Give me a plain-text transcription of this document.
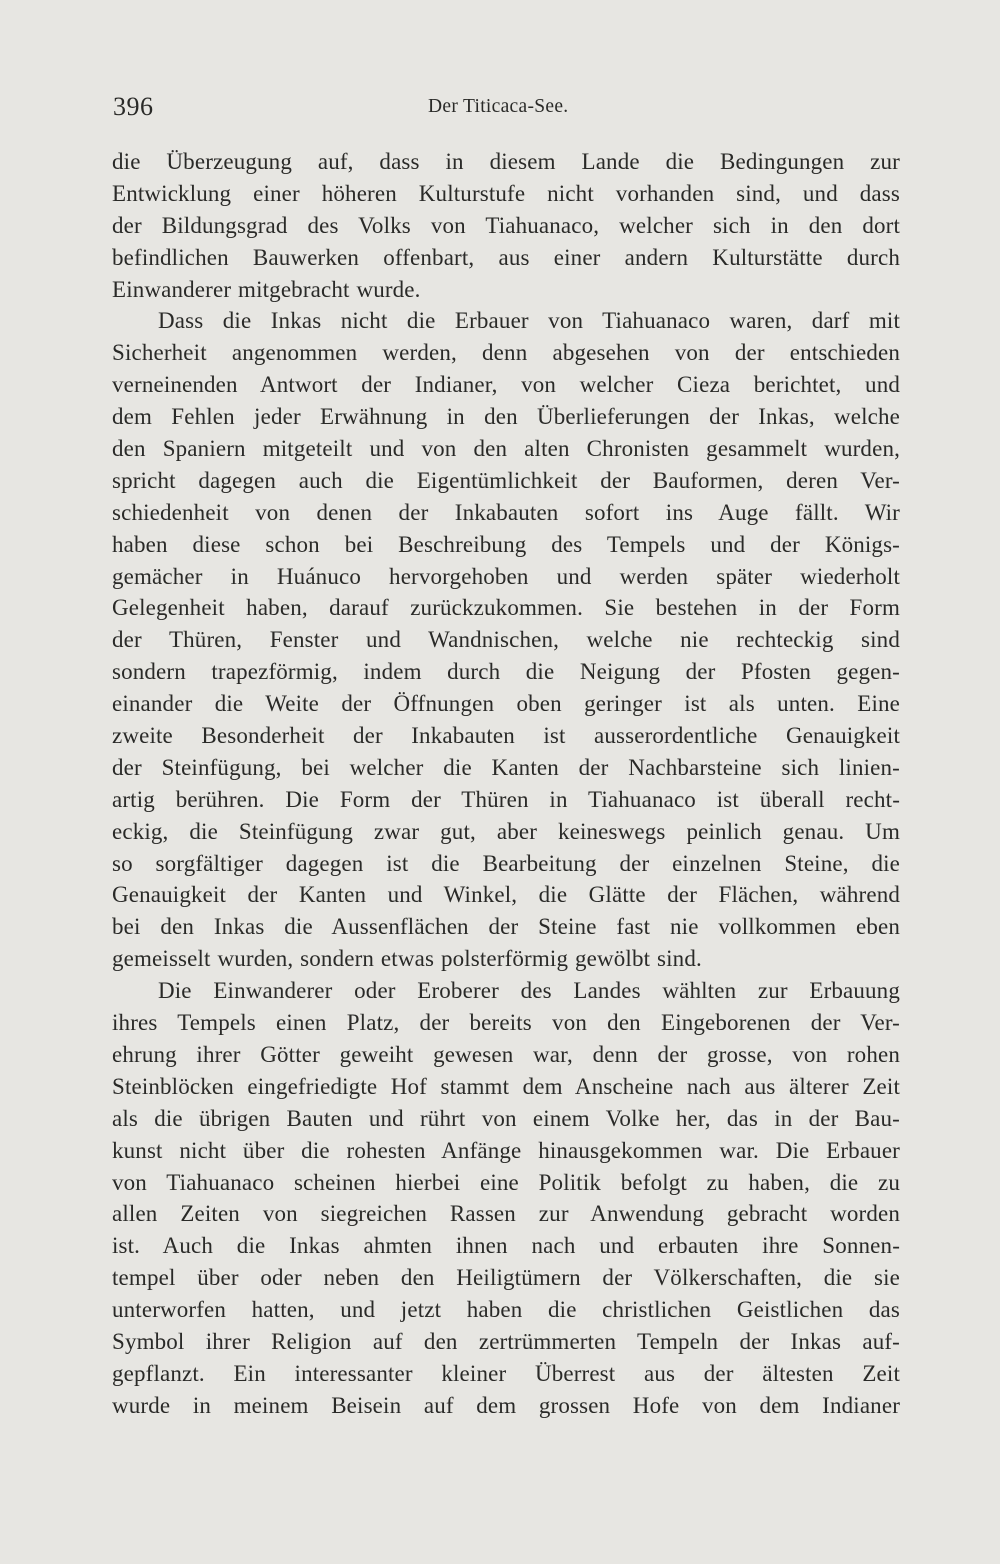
396	Der Titicaca-See.
die Überzeugung auf, dass in diesem Lande die Bedingungen zur
Entwicklung einer höheren Kulturstufe nicht vorhanden sind, und dass
der Bildungsgrad des Volks von Tiahuanaco, welcher sich in den dort
befindlichen Bauwerken offenbart, aus einer andern Kulturstätte durch
Einwanderer mitgebracht wurde.
Dass die Inkas nicht die Erbauer von Tiahuanaco waren, darf mit
Sicherheit angenommen werden, denn abgesehen von der entschieden
verneinenden Antwort der Indianer, von welcher Cieza berichtet, und
dem Fehlen jeder Erwähnung in den Überlieferungen der Inkas, welche
den Spaniern mitgeteilt und von den alten Chronisten gesammelt wurden,
spricht dagegen auch die Eigentümlichkeit der Bauformen, deren Ver-
schiedenheit von denen der Inkabauten sofort ins Auge fällt. Wir
haben diese schon bei Beschreibung des Tempels und der Königs-
gemächer in Huánuco hervorgehoben und werden später wiederholt
Gelegenheit haben, darauf zurückzukommen. Sie bestehen in der Form
der Thüren, Fenster und Wandnischen, welche nie rechteckig sind
sondern trapezförmig, indem durch die Neigung der Pfosten gegen-
einander die Weite der Öffnungen oben geringer ist als unten. Eine
zweite Besonderheit der Inkabauten ist ausserordentliche Genauigkeit
der Steinfügung, bei welcher die Kanten der Nachbarsteine sich linien-
artig berühren. Die Form der Thüren in Tiahuanaco ist überall recht-
eckig, die Steinfügung zwar gut, aber keineswegs peinlich genau. Um
so sorgfältiger dagegen ist die Bearbeitung der einzelnen Steine, die
Genauigkeit der Kanten und Winkel, die Glätte der Flächen, während
bei den Inkas die Aussenflächen der Steine fast nie vollkommen eben
gemeisselt wurden, sondern etwas polsterförmig gewölbt sind.
Die Einwanderer oder Eroberer des Landes wählten zur Erbauung
ihres Tempels einen Platz, der bereits von den Eingeborenen der Ver-
ehrung ihrer Götter geweiht gewesen war, denn der grosse, von rohen
Steinblöcken eingefriedigte Hof stammt dem Anscheine nach aus älterer Zeit
als die übrigen Bauten und rührt von einem Volke her, das in der Bau-
kunst nicht über die rohesten Anfänge hinausgekommen war. Die Erbauer
von Tiahuanaco scheinen hierbei eine Politik befolgt zu haben, die zu
allen Zeiten von siegreichen Rassen zur Anwendung gebracht worden
ist. Auch die Inkas ahmten ihnen nach und erbauten ihre Sonnen-
tempel über oder neben den Heiligtümern der Völkerschaften, die sie
unterworfen hatten, und jetzt haben die christlichen Geistlichen das
Symbol ihrer Religion auf den zertrümmerten Tempeln der Inkas auf-
gepflanzt. Ein interessanter kleiner Überrest aus der ältesten Zeit
wurde in meinem Beisein auf dem grossen Hofe von dem Indianer
